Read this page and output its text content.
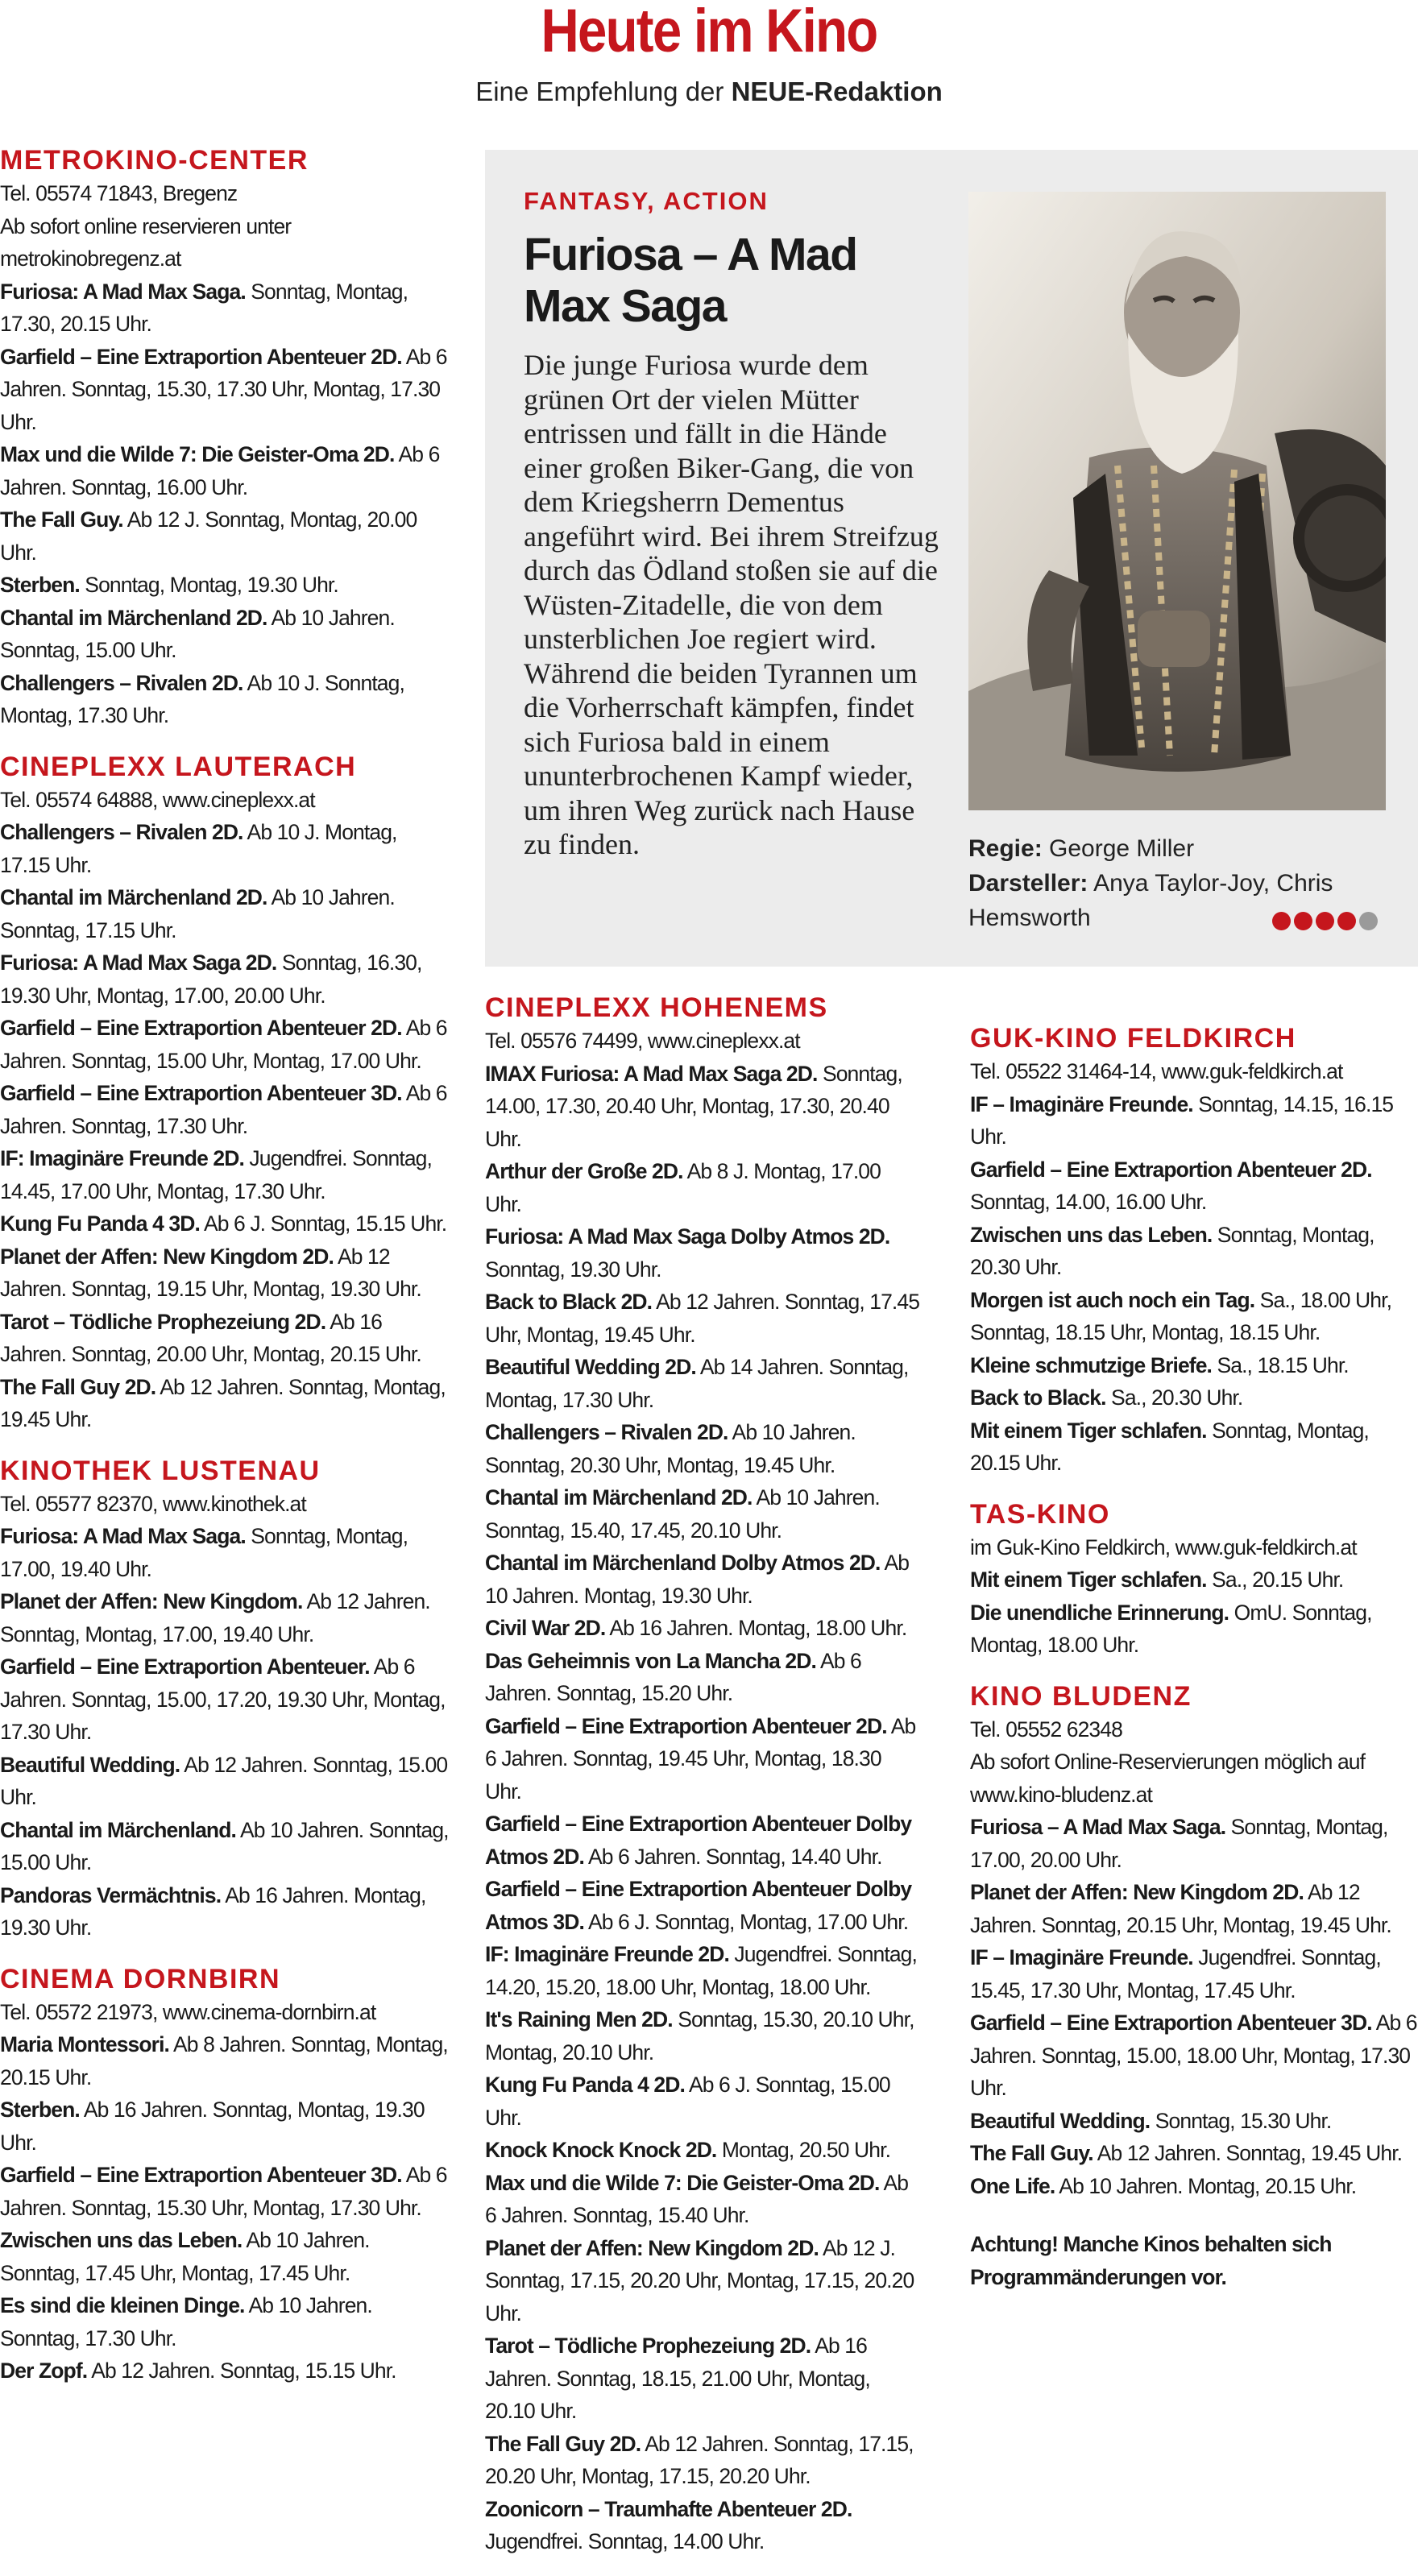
Heute im Kino
Eine Empfehlung der NEUE-Redaktion
METROKINO-CENTER
Tel. 05574 71843, Bregenz
Ab sofort online reservieren unter metrokinobregenz.at
Furiosa: A Mad Max Saga. Sonntag, Montag, 17.30, 20.15 Uhr.
Garfield – Eine Extraportion Abenteuer 2D. Ab 6 Jahren. Sonntag, 15.30, 17.30 Uhr, Montag, 17.30 Uhr.
Max und die Wilde 7: Die Geister-Oma 2D. Ab 6 Jahren. Sonntag, 16.00 Uhr.
The Fall Guy. Ab 12 J. Sonntag, Montag, 20.00 Uhr.
Sterben. Sonntag, Montag, 19.30 Uhr.
Chantal im Märchenland 2D. Ab 10 Jahren. Sonntag, 15.00 Uhr.
Challengers – Rivalen 2D. Ab 10 J. Sonntag, Montag, 17.30 Uhr.
CINEPLEXX LAUTERACH
Tel. 05574 64888, www.cineplexx.at
Challengers – Rivalen 2D. Ab 10 J. Montag, 17.15 Uhr.
Chantal im Märchenland 2D. Ab 10 Jahren. Sonntag, 17.15 Uhr.
Furiosa: A Mad Max Saga 2D. Sonntag, 16.30, 19.30 Uhr, Montag, 17.00, 20.00 Uhr.
Garfield – Eine Extraportion Abenteuer 2D. Ab 6 Jahren. Sonntag, 15.00 Uhr, Montag, 17.00 Uhr.
Garfield – Eine Extraportion Abenteuer 3D. Ab 6 Jahren. Sonntag, 17.30 Uhr.
IF: Imaginäre Freunde 2D. Jugendfrei. Sonntag, 14.45, 17.00 Uhr, Montag, 17.30 Uhr.
Kung Fu Panda 4 3D. Ab 6 J. Sonntag, 15.15 Uhr.
Planet der Affen: New Kingdom 2D. Ab 12 Jahren. Sonntag, 19.15 Uhr, Montag, 19.30 Uhr.
Tarot – Tödliche Prophezeiung 2D. Ab 16 Jahren. Sonntag, 20.00 Uhr, Montag, 20.15 Uhr.
The Fall Guy 2D. Ab 12 Jahren. Sonntag, Montag, 19.45 Uhr.
KINOTHEK LUSTENAU
Tel. 05577 82370, www.kinothek.at
Furiosa: A Mad Max Saga. Sonntag, Montag, 17.00, 19.40 Uhr.
Planet der Affen: New Kingdom. Ab 12 Jahren. Sonntag, Montag, 17.00, 19.40 Uhr.
Garfield – Eine Extraportion Abenteuer. Ab 6 Jahren. Sonntag, 15.00, 17.20, 19.30 Uhr, Montag, 17.30 Uhr.
Beautiful Wedding. Ab 12 Jahren. Sonntag, 15.00 Uhr.
Chantal im Märchenland. Ab 10 Jahren. Sonntag, 15.00 Uhr.
Pandoras Vermächtnis. Ab 16 Jahren. Montag, 19.30 Uhr.
CINEMA DORNBIRN
Tel. 05572 21973, www.cinema-dornbirn.at
Maria Montessori. Ab 8 Jahren. Sonntag, Montag, 20.15 Uhr.
Sterben. Ab 16 Jahren. Sonntag, Montag, 19.30 Uhr.
Garfield – Eine Extraportion Abenteuer 3D. Ab 6 Jahren. Sonntag, 15.30 Uhr, Montag, 17.30 Uhr.
Zwischen uns das Leben. Ab 10 Jahren. Sonntag, 17.45 Uhr, Montag, 17.45 Uhr.
Es sind die kleinen Dinge. Ab 10 Jahren. Sonntag, 17.30 Uhr.
Der Zopf. Ab 12 Jahren. Sonntag, 15.15 Uhr.
FANTASY, ACTION
Furiosa – A Mad Max Saga
Die junge Furiosa wurde dem grünen Ort der vielen Mütter entrissen und fällt in die Hände einer großen Biker-Gang, die von dem Kriegsherrn Dementus angeführt wird. Bei ihrem Streifzug durch das Ödland stoßen sie auf die Wüsten-Zitadelle, die von dem unsterblichen Joe regiert wird. Während die beiden Tyrannen um die Vorherrschaft kämpfen, findet sich Furiosa bald in einem ununterbrochenen Kampf wieder, um ihren Weg zurück nach Hause zu finden.	Regie: George Miller
Darsteller: Anya Taylor-Joy, Chris Hemsworth
CINEPLEXX HOHENEMS
Tel. 05576 74499, www.cineplexx.at
IMAX Furiosa: A Mad Max Saga 2D. Sonntag, 14.00, 17.30, 20.40 Uhr, Montag, 17.30, 20.40 Uhr.
Arthur der Große 2D. Ab 8 J. Montag, 17.00 Uhr.
Furiosa: A Mad Max Saga Dolby Atmos 2D. Sonntag, 19.30 Uhr.
Back to Black 2D. Ab 12 Jahren. Sonntag, 17.45 Uhr, Montag, 19.45 Uhr.
Beautiful Wedding 2D. Ab 14 Jahren. Sonntag, Montag, 17.30 Uhr.
Challengers – Rivalen 2D. Ab 10 Jahren. Sonntag, 20.30 Uhr, Montag, 19.45 Uhr.
Chantal im Märchenland 2D. Ab 10 Jahren. Sonntag, 15.40, 17.45, 20.10 Uhr.
Chantal im Märchenland Dolby Atmos 2D. Ab 10 Jahren. Montag, 19.30 Uhr.
Civil War 2D. Ab 16 Jahren. Montag, 18.00 Uhr.
Das Geheimnis von La Mancha 2D. Ab 6 Jahren. Sonntag, 15.20 Uhr.
Garfield – Eine Extraportion Abenteuer 2D. Ab 6 Jahren. Sonntag, 19.45 Uhr, Montag, 18.30 Uhr.
Garfield – Eine Extraportion Abenteuer Dolby Atmos 2D. Ab 6 Jahren. Sonntag, 14.40 Uhr.
Garfield – Eine Extraportion Abenteuer Dolby Atmos 3D. Ab 6 J. Sonntag, Montag, 17.00 Uhr.
IF: Imaginäre Freunde 2D. Jugendfrei. Sonntag, 14.20, 15.20, 18.00 Uhr, Montag, 18.00 Uhr.
It's Raining Men 2D. Sonntag, 15.30, 20.10 Uhr, Montag, 20.10 Uhr.
Kung Fu Panda 4 2D. Ab 6 J. Sonntag, 15.00 Uhr.
Knock Knock Knock 2D. Montag, 20.50 Uhr.
Max und die Wilde 7: Die Geister-Oma 2D. Ab 6 Jahren. Sonntag, 15.40 Uhr.
Planet der Affen: New Kingdom 2D. Ab 12 J. Sonntag, 17.15, 20.20 Uhr, Montag, 17.15, 20.20 Uhr.
Tarot – Tödliche Prophezeiung 2D. Ab 16 Jahren. Sonntag, 18.15, 21.00 Uhr, Montag, 20.10 Uhr.
The Fall Guy 2D. Ab 12 Jahren. Sonntag, 17.15, 20.20 Uhr, Montag, 17.15, 20.20 Uhr.
Zoonicorn – Traumhafte Abenteuer 2D. Jugendfrei. Sonntag, 14.00 Uhr.
GUK-KINO FELDKIRCH
Tel. 05522 31464-14, www.guk-feldkirch.at
IF – Imaginäre Freunde. Sonntag, 14.15, 16.15 Uhr.
Garfield – Eine Extraportion Abenteuer 2D. Sonntag, 14.00, 16.00 Uhr.
Zwischen uns das Leben. Sonntag, Montag, 20.30 Uhr.
Morgen ist auch noch ein Tag. Sa., 18.00 Uhr, Sonntag, 18.15 Uhr, Montag, 18.15 Uhr.
Kleine schmutzige Briefe. Sa., 18.15 Uhr.
Back to Black. Sa., 20.30 Uhr.
Mit einem Tiger schlafen. Sonntag, Montag, 20.15 Uhr.
TAS-KINO
im Guk-Kino Feldkirch, www.guk-feldkirch.at
Mit einem Tiger schlafen. Sa., 20.15 Uhr.
Die unendliche Erinnerung. OmU. Sonntag, Montag, 18.00 Uhr.
KINO BLUDENZ
Tel. 05552 62348
Ab sofort Online-Reservierungen möglich auf www.kino-bludenz.at
Furiosa – A Mad Max Saga. Sonntag, Montag, 17.00, 20.00 Uhr.
Planet der Affen: New Kingdom 2D. Ab 12 Jahren. Sonntag, 20.15 Uhr, Montag, 19.45 Uhr.
IF – Imaginäre Freunde. Jugendfrei. Sonntag, 15.45, 17.30 Uhr, Montag, 17.45 Uhr.
Garfield – Eine Extraportion Abenteuer 3D. Ab 6 Jahren. Sonntag, 15.00, 18.00 Uhr, Montag, 17.30 Uhr.
Beautiful Wedding. Sonntag, 15.30 Uhr.
The Fall Guy. Ab 12 Jahren. Sonntag, 19.45 Uhr.
One Life. Ab 10 Jahren. Montag, 20.15 Uhr.
Achtung! Manche Kinos behalten sich Programmänderungen vor.
